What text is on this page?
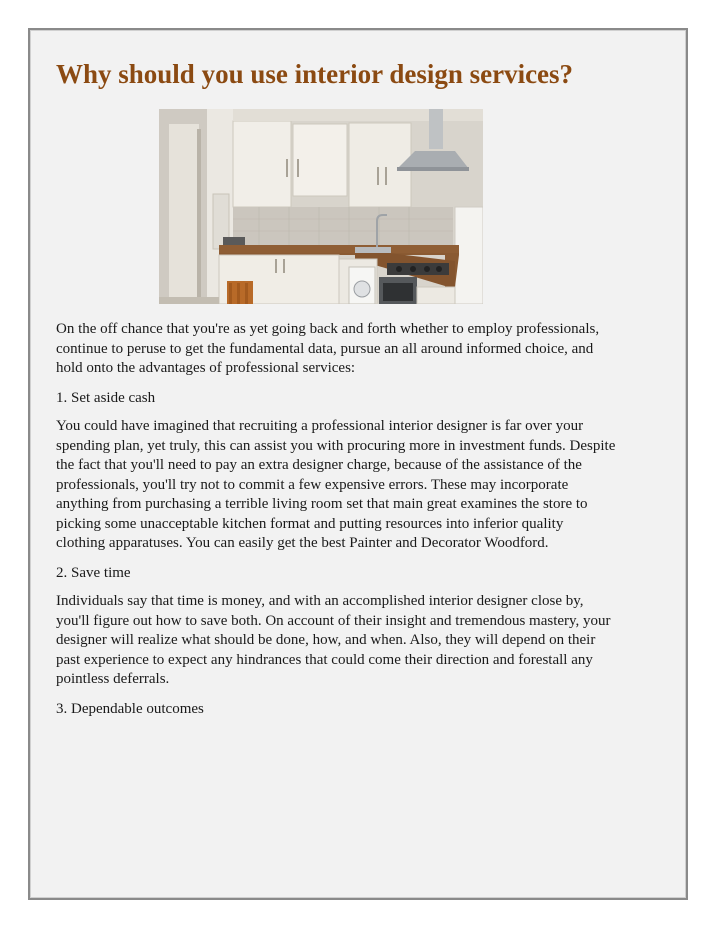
Why should you use interior design services?

On the off chance that you're as yet going back and forth whether to employ professionals, continue to peruse to get the fundamental data, pursue an all around informed choice, and hold onto the advantages of professional services:

1. Set aside cash

You could have imagined that recruiting a professional interior designer is far over your spending plan, yet truly, this can assist you with procuring more in investment funds. Despite the fact that you'll need to pay an extra designer charge, because of the assistance of the professionals, you'll try not to commit a few expensive errors. These may incorporate anything from purchasing a terrible living room set that main great examines the store to picking some unacceptable kitchen format and putting resources into inferior quality clothing apparatuses. You can easily get the best Painter and Decorator Woodford.

2. Save time

Individuals say that time is money, and with an accomplished interior designer close by, you'll figure out how to save both. On account of their insight and tremendous mastery, your designer will realize what should be done, how, and when. Also, they will depend on their past experience to expect any hindrances that could come their direction and forestall any pointless deferrals.

3. Dependable outcomes
